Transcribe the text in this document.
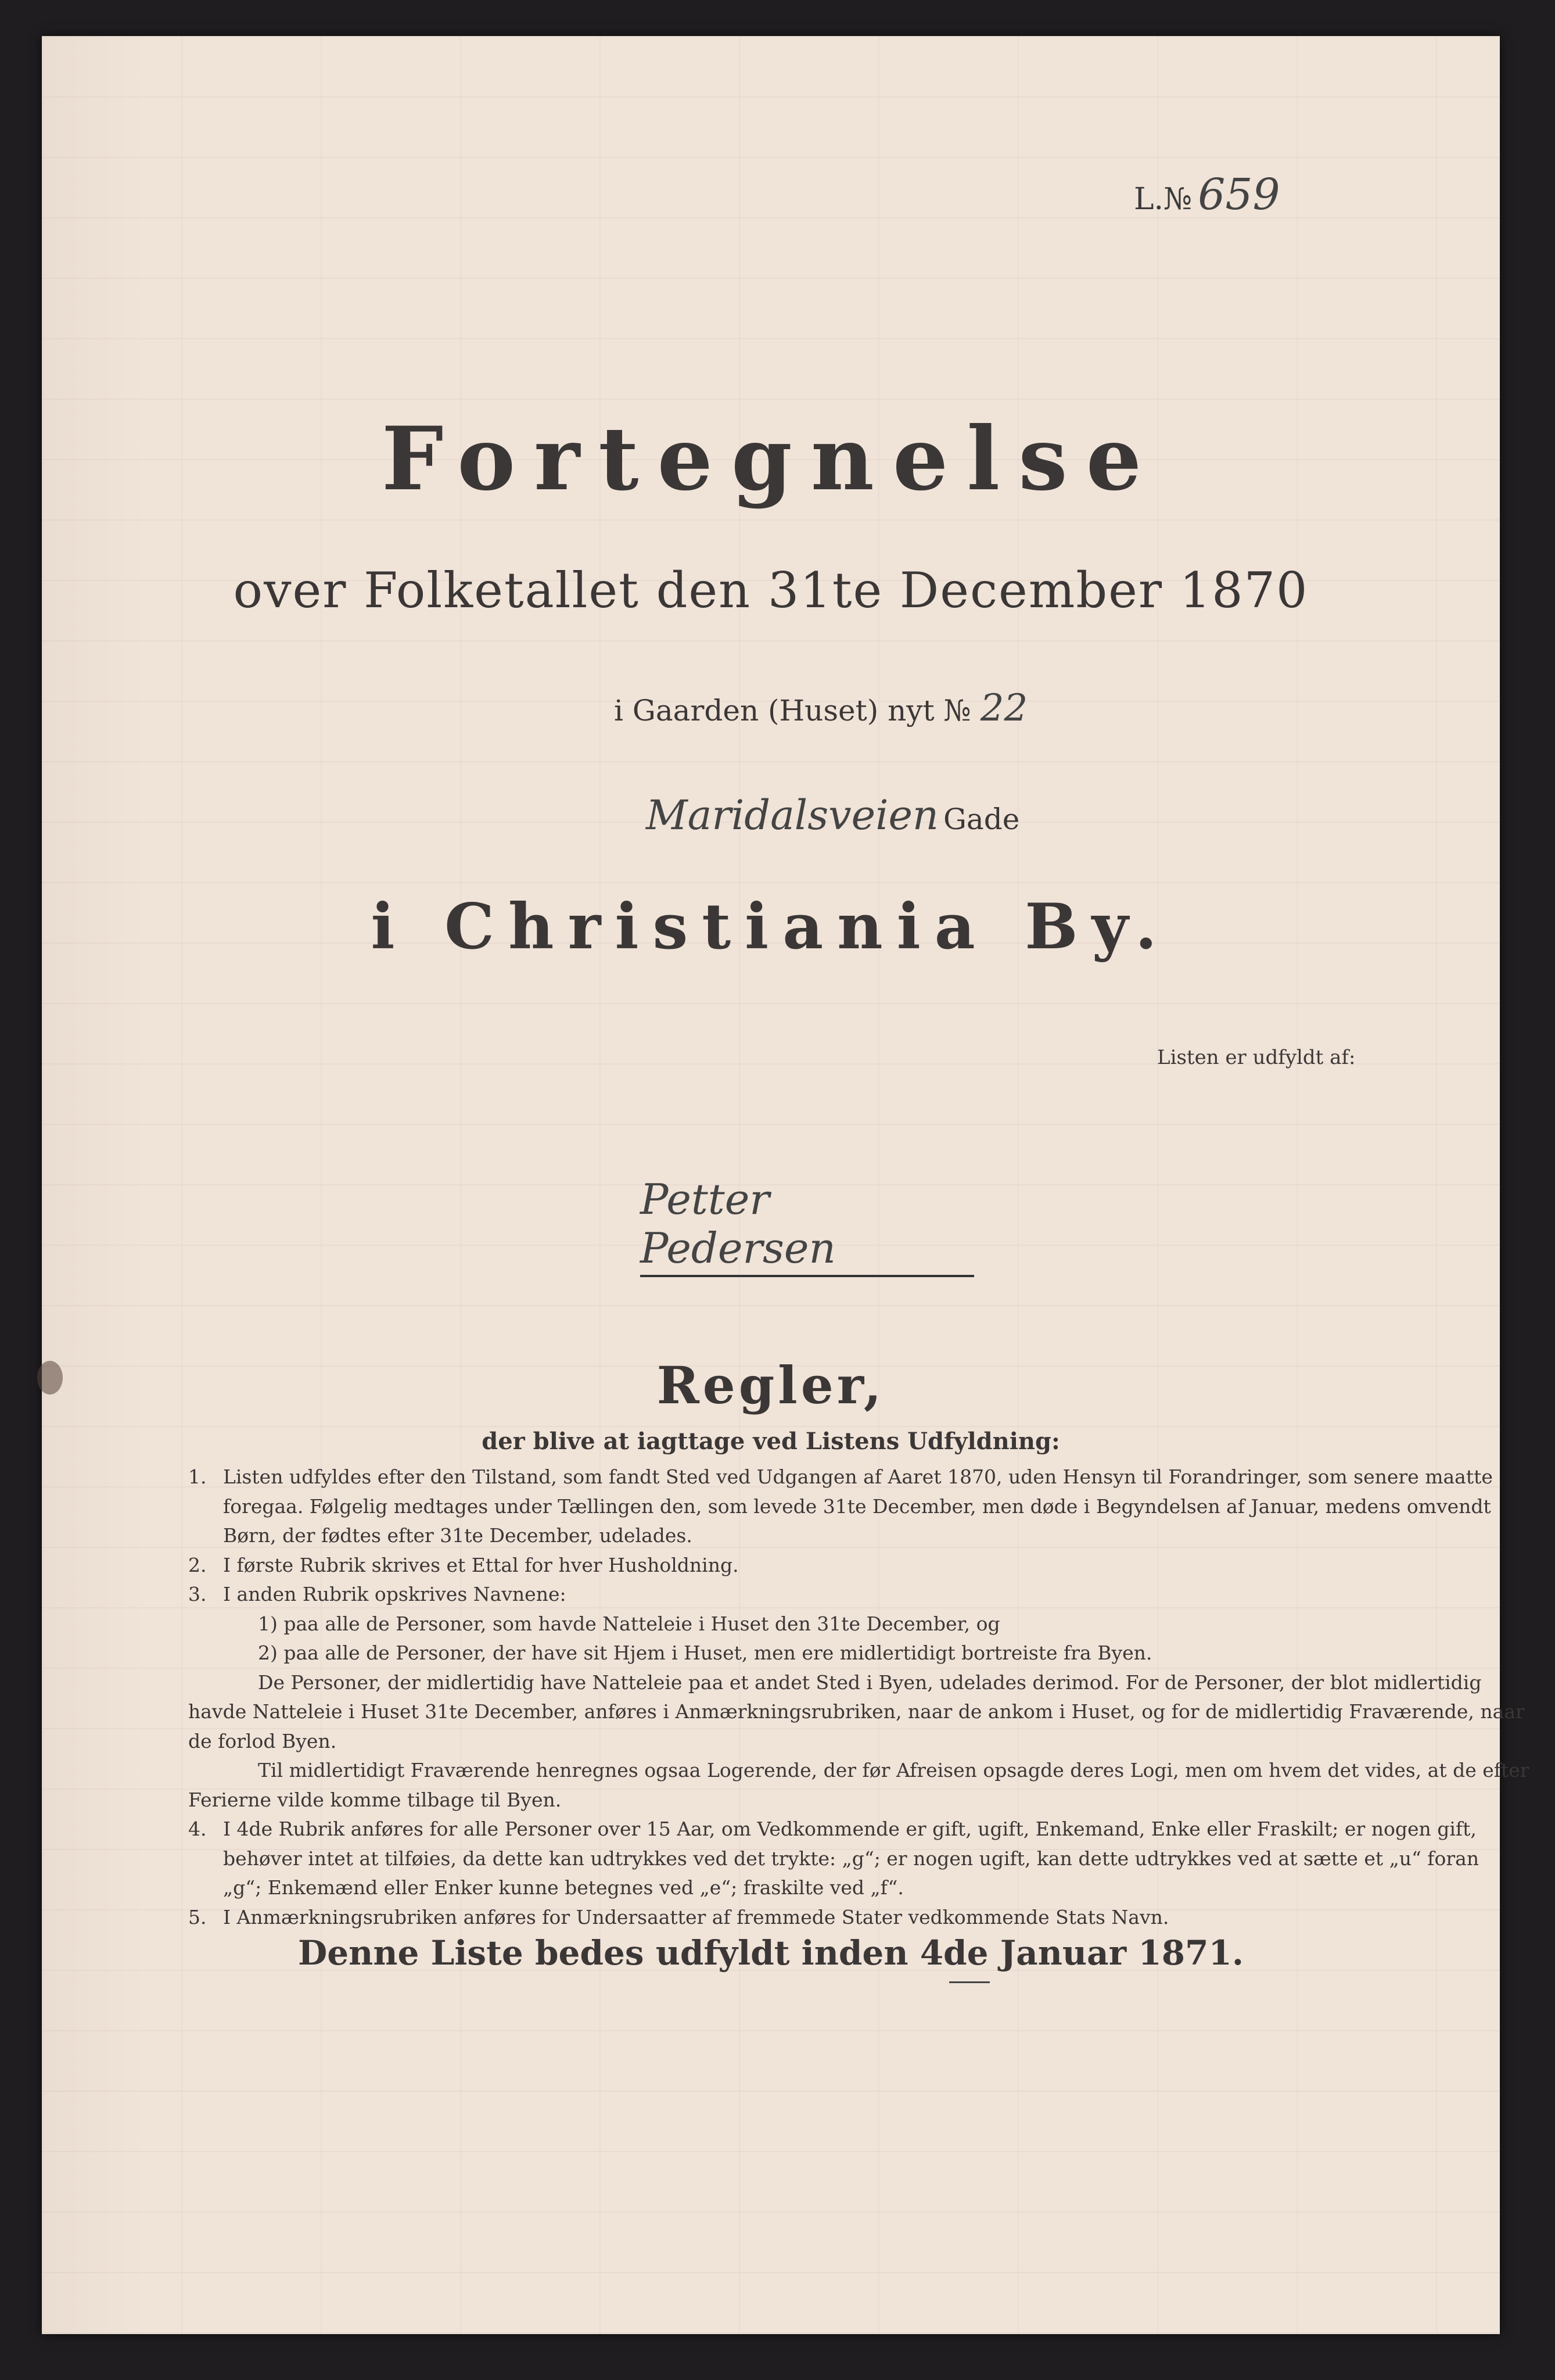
L.№ 659
Fortegnelse
over Folketallet den 31te December 1870
i Gaarden (Huset) nyt № 22
Maridalsveien Gade
i Christiania By.
Listen er udfyldt af:
Petter Pedersen
Regler,
der blive at iagttage ved Listens Udfyldning:
1. Listen udfyldes efter den Tilstand, som fandt Sted ved Udgangen af Aaret 1870, uden Hensyn til Forandringer, som senere maatte
foregaa. Følgelig medtages under Tællingen den, som levede 31te December, men døde i Begyndelsen af Januar, medens omvendt
Børn, der fødtes efter 31te December, udelades.
2. I første Rubrik skrives et Ettal for hver Husholdning.
3. I anden Rubrik opskrives Navnene:
1) paa alle de Personer, som havde Natteleie i Huset den 31te December, og
2) paa alle de Personer, der have sit Hjem i Huset, men ere midlertidigt bortreiste fra Byen.
De Personer, der midlertidig have Natteleie paa et andet Sted i Byen, udelades derimod. For de Personer, der blot midlertidig
havde Natteleie i Huset 31te December, anføres i Anmærkningsrubriken, naar de ankom i Huset, og for de midlertidig Fraværende, naar
de forlod Byen.
Til midlertidigt Fraværende henregnes ogsaa Logerende, der før Afreisen opsagde deres Logi, men om hvem det vides, at de efter
Ferierne vilde komme tilbage til Byen.
4. I 4de Rubrik anføres for alle Personer over 15 Aar, om Vedkommende er gift, ugift, Enkemand, Enke eller Fraskilt; er nogen gift,
behøver intet at tilføies, da dette kan udtrykkes ved det trykte: „g“; er nogen ugift, kan dette udtrykkes ved at sætte et „u“ foran
„g“; Enkemænd eller Enker kunne betegnes ved „e“; fraskilte ved „f“.
5. I Anmærkningsrubriken anføres for Undersaatter af fremmede Stater vedkommende Stats Navn.
Denne Liste bedes udfyldt inden 4de Januar 1871.
